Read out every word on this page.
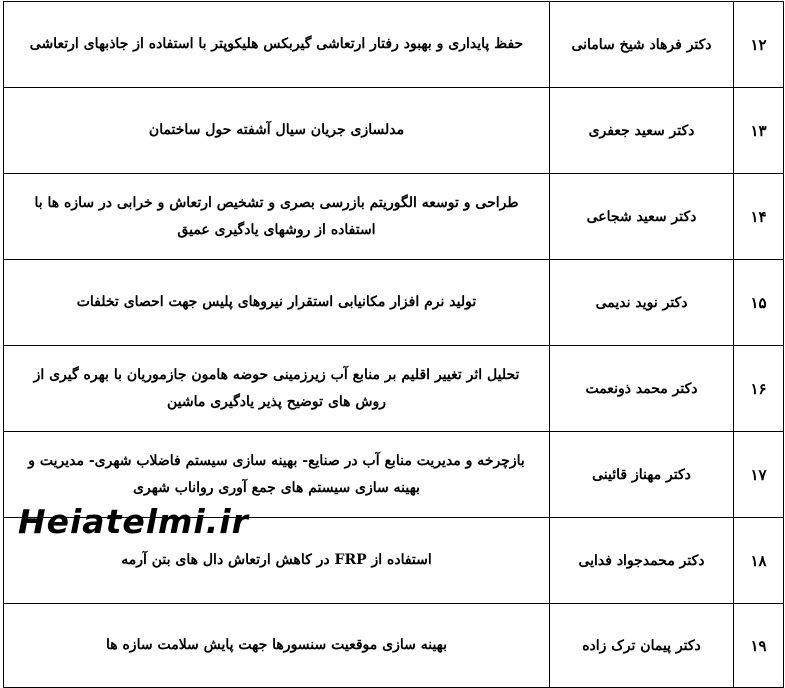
۱۲	دکتر فرهاد شیخ سامانی	حفظ پایداری و بهبود رفتار ارتعاشی گیربکس هلیکوپتر با استفاده از جاذبهای ارتعاشی
۱۳	دکتر سعید جعفری	مدلسازی جریان سیال آشفته حول ساختمان
۱۴	دکتر سعید شجاعی	طراحی و توسعه الگوریتم بازرسی بصری و تشخیص ارتعاش و خرابی در سازه ها با استفاده از روشهای یادگیری عمیق
۱۵	دکتر نوید ندیمی	تولید نرم افزار مکانیابی استقرار نیروهای پلیس جهت احصای تخلفات
۱۶	دکتر محمد ذونعمت	تحلیل اثر تغییر اقلیم بر منابع آب زیرزمینی حوضه هامون جازموریان با بهره گیری از روش های توضیح پذیر یادگیری ماشین
۱۷	دکتر مهناز قائینی	بازچرخه و مدیریت منابع آب در صنایع- بهینه سازی سیستم فاضلاب شهری- مدیریت و بهینه سازی سیستم های جمع آوری رواناب شهری
۱۸	دکتر محمدجواد فدایی	استفاده از FRP در کاهش ارتعاش دال های بتن آرمه
۱۹	دکتر پیمان ترک زاده	بهینه سازی موقعیت سنسورها جهت پایش سلامت سازه ها
Heiatelmi.ir
